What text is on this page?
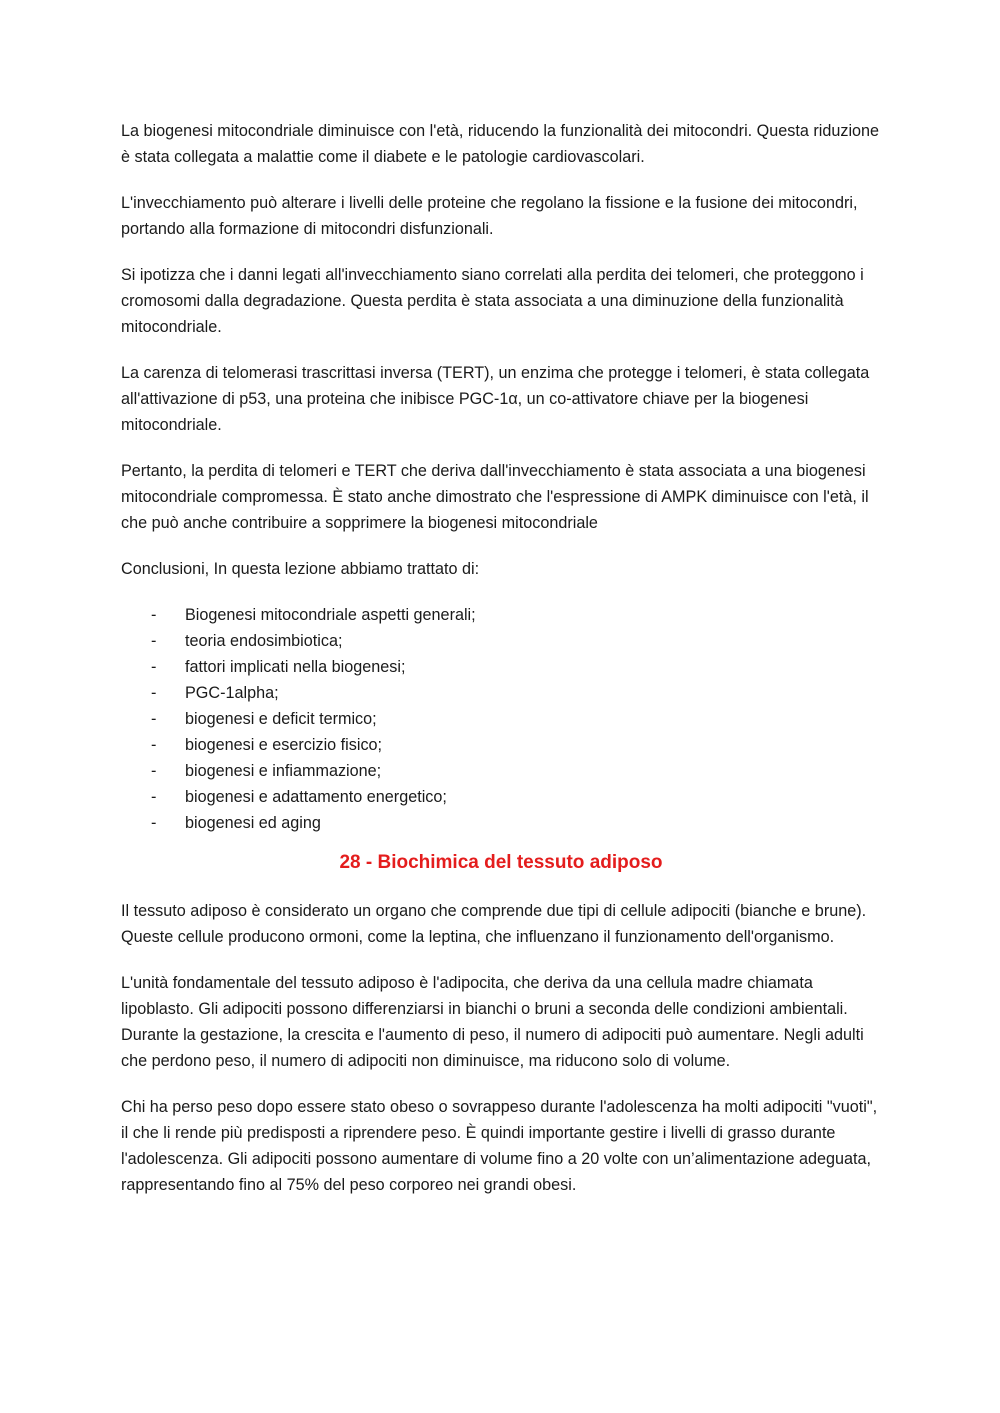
La biogenesi mitocondriale diminuisce con l'età, riducendo la funzionalità dei mitocondri. Questa riduzione è stata collegata a malattie come il diabete e le patologie cardiovascolari.

L'invecchiamento può alterare i livelli delle proteine che regolano la fissione e la fusione dei mitocondri, portando alla formazione di mitocondri disfunzionali.

Si ipotizza che i danni legati all'invecchiamento siano correlati alla perdita dei telomeri, che proteggono i cromosomi dalla degradazione. Questa perdita è stata associata a una diminuzione della funzionalità mitocondriale.

La carenza di telomerasi trascrittasi inversa (TERT), un enzima che protegge i telomeri, è stata collegata all'attivazione di p53, una proteina che inibisce PGC-1α, un co-attivatore chiave per la biogenesi mitocondriale.

Pertanto, la perdita di telomeri e TERT che deriva dall'invecchiamento è stata associata a una biogenesi mitocondriale compromessa. È stato anche dimostrato che l'espressione di AMPK diminuisce con l'età, il che può anche contribuire a sopprimere la biogenesi mitocondriale

Conclusioni, In questa lezione abbiamo trattato di:

- Biogenesi mitocondriale aspetti generali;
- teoria endosimbiotica;
- fattori implicati nella biogenesi;
- PGC-1alpha;
- biogenesi e deficit termico;
- biogenesi e esercizio fisico;
- biogenesi e infiammazione;
- biogenesi e adattamento energetico;
- biogenesi ed aging
28 - Biochimica del tessuto adiposo

Il tessuto adiposo è considerato un organo che comprende due tipi di cellule adipociti (bianche e brune). Queste cellule producono ormoni, come la leptina, che influenzano il funzionamento dell'organismo.

L'unità fondamentale del tessuto adiposo è l'adipocita, che deriva da una cellula madre chiamata lipoblasto. Gli adipociti possono differenziarsi in bianchi o bruni a seconda delle condizioni ambientali. Durante la gestazione, la crescita e l'aumento di peso, il numero di adipociti può aumentare. Negli adulti che perdono peso, il numero di adipociti non diminuisce, ma riducono solo di volume.

Chi ha perso peso dopo essere stato obeso o sovrappeso durante l'adolescenza ha molti adipociti "vuoti", il che li rende più predisposti a riprendere peso. È quindi importante gestire i livelli di grasso durante l'adolescenza. Gli adipociti possono aumentare di volume fino a 20 volte con un’alimentazione adeguata, rappresentando fino al 75% del peso corporeo nei grandi obesi.
